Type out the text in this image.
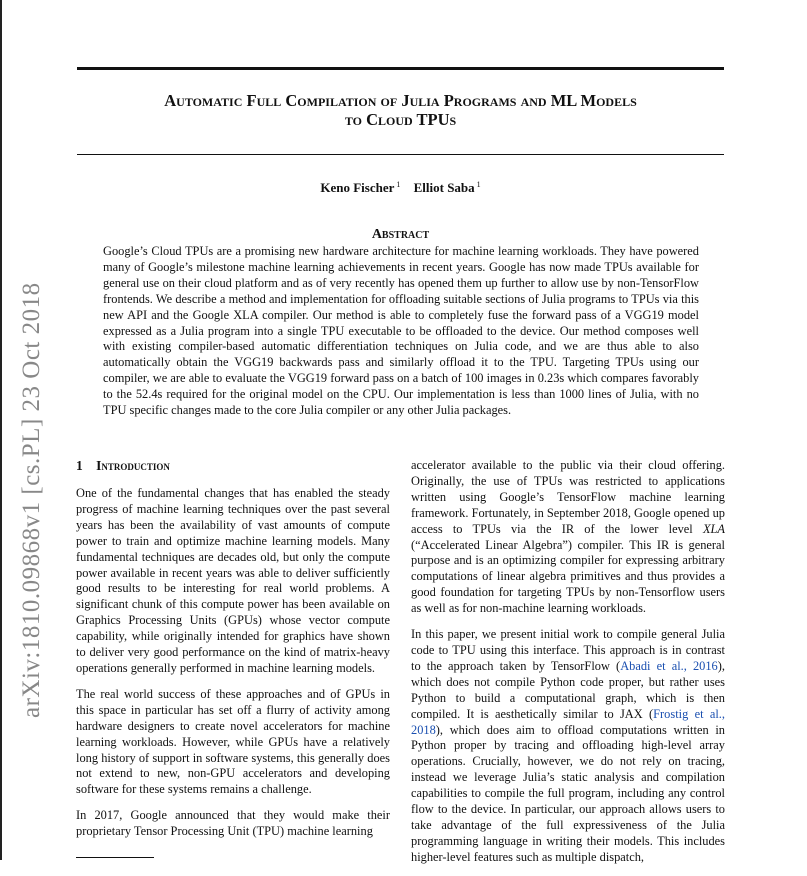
arXiv:1810.09868v1 [cs.PL] 23 Oct 2018
Automatic Full Compilation of Julia Programs and ML Models
to Cloud TPUs
Keno Fischer $^1$ Elliot Saba $^1$
Abstract
Google’s Cloud TPUs are a promising new hardware architecture for machine learning workloads. They have powered many of Google’s milestone machine learning achievements in recent years. Google has now made TPUs available for general use on their cloud platform and as of very recently has opened them up further to allow use by non-TensorFlow frontends. We describe a method and implementation for offloading suitable sections of Julia programs to TPUs via this new API and the Google XLA compiler. Our method is able to completely fuse the forward pass of a VGG19 model expressed as a Julia program into a single TPU executable to be offloaded to the device. Our method composes well with existing compiler-based automatic differentiation techniques on Julia code, and we are thus able to also automatically obtain the VGG19 backwards pass and similarly offload it to the TPU. Targeting TPUs using our compiler, we are able to evaluate the VGG19 forward pass on a batch of 100 images in 0.23s which compares favorably to the 52.4s required for the original model on the CPU. Our implementation is less than 1000 lines of Julia, with no TPU specific changes made to the core Julia compiler or any other Julia packages.
1 Introduction

One of the fundamental changes that has enabled the steady progress of machine learning techniques over the past several years has been the availability of vast amounts of compute power to train and optimize machine learning models. Many fundamental techniques are decades old, but only the compute power available in recent years was able to deliver sufficiently good results to be interesting for real world problems. A significant chunk of this compute power has been available on Graphics Processing Units (GPUs) whose vector compute capability, while originally intended for graphics have shown to deliver very good performance on the kind of matrix-heavy operations generally performed in machine learning models.

The real world success of these approaches and of GPUs in this space in particular has set off a flurry of activity among hardware designers to create novel accelerators for machine learning workloads. However, while GPUs have a relatively long history of support in software systems, this generally does not extend to new, non-GPU accelerators and developing software for these systems remains a challenge.

In 2017, Google announced that they would make their proprietary Tensor Processing Unit (TPU) machine learning

accelerator available to the public via their cloud offering. Originally, the use of TPUs was restricted to applications written using Google’s TensorFlow machine learning framework. Fortunately, in September 2018, Google opened up access to TPUs via the IR of the lower level XLA (“Accelerated Linear Algebra”) compiler. This IR is general purpose and is an optimizing compiler for expressing arbitrary computations of linear algebra primitives and thus provides a good foundation for targeting TPUs by non-Tensorflow users as well as for non-machine learning workloads.

In this paper, we present initial work to compile general Julia code to TPU using this interface. This approach is in contrast to the approach taken by TensorFlow (Abadi et al., 2016), which does not compile Python code proper, but rather uses Python to build a computational graph, which is then compiled. It is aesthetically similar to JAX (Frostig et al., 2018), which does aim to offload computations written in Python proper by tracing and offloading high-level array operations. Crucially, however, we do not rely on tracing, instead we leverage Julia’s static analysis and compilation capabilities to compile the full program, including any control flow to the device. In particular, our approach allows users to take advantage of the full expressiveness of the Julia programming language in writing their models. This includes higher-level features such as multiple dispatch,
